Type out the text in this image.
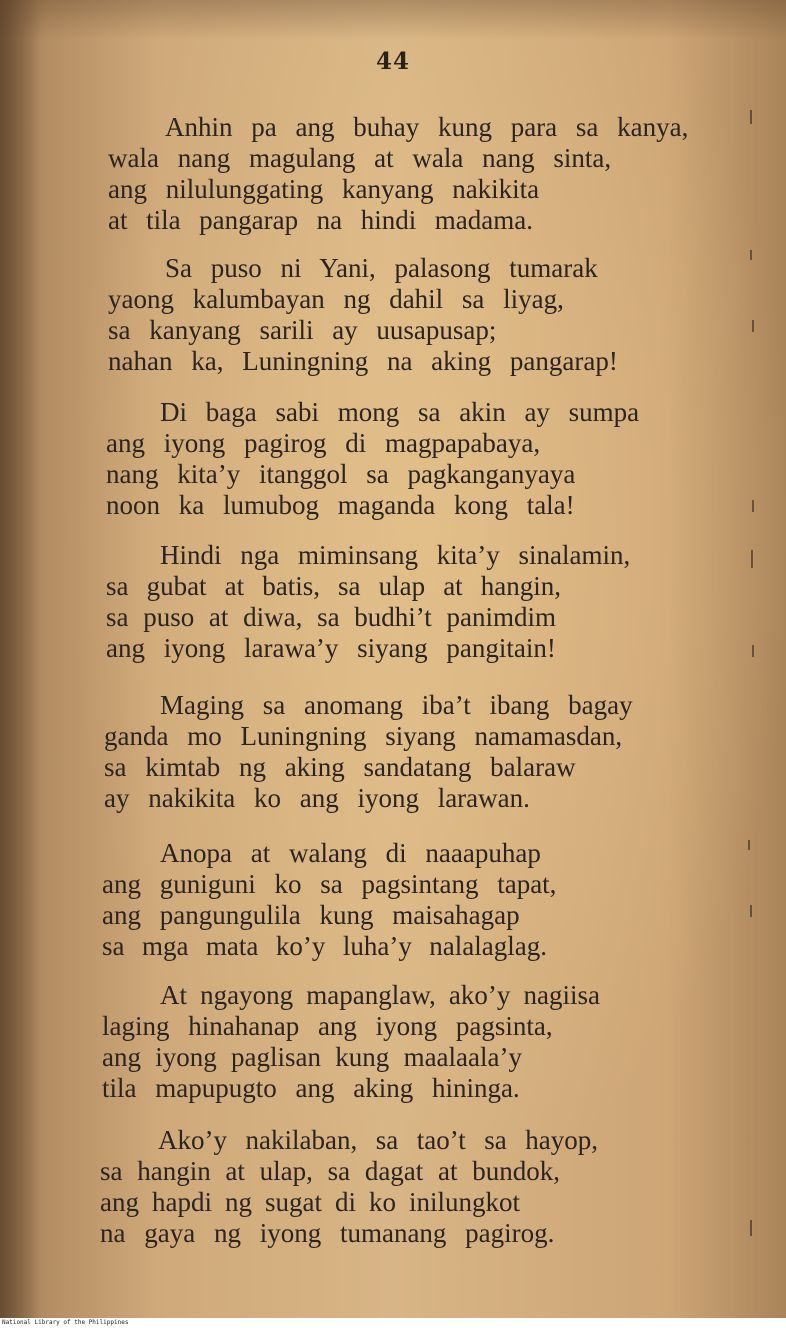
44
Anhin pa ang buhay kung para sa kanya,
wala nang magulang at wala nang sinta,
ang nilulunggating kanyang nakikita
at tila pangarap na hindi madama.
Sa puso ni Yani, palasong tumarak
yaong kalumbayan ng dahil sa liyag,
sa kanyang sarili ay uusapusap;
nahan ka, Luningning na aking pangarap!
Di baga sabi mong sa akin ay sumpa
ang iyong pagirog di magpapabaya,
nang kita’y itanggol sa pagkanganyaya
noon ka lumubog maganda kong tala!
Hindi nga miminsang kita’y sinalamin,
sa gubat at batis, sa ulap at hangin,
sa puso at diwa, sa budhi’t panimdim
ang iyong larawa’y siyang pangitain!
Maging sa anomang iba’t ibang bagay
ganda mo Luningning siyang namamasdan,
sa kimtab ng aking sandatang balaraw
ay nakikita ko ang iyong larawan.
Anopa at walang di naaapuhap
ang guniguni ko sa pagsintang tapat,
ang pangungulila kung maisahagap
sa mga mata ko’y luha’y nalalaglag.
At ngayong mapanglaw, ako’y nagiisa
laging hinahanap ang iyong pagsinta,
ang iyong paglisan kung maalaala’y
tila mapupugto ang aking hininga.
Ako’y nakilaban, sa tao’t sa hayop,
sa hangin at ulap, sa dagat at bundok,
ang hapdi ng sugat di ko inilungkot
na gaya ng iyong tumanang pagirog.
National Library of the Philippines
